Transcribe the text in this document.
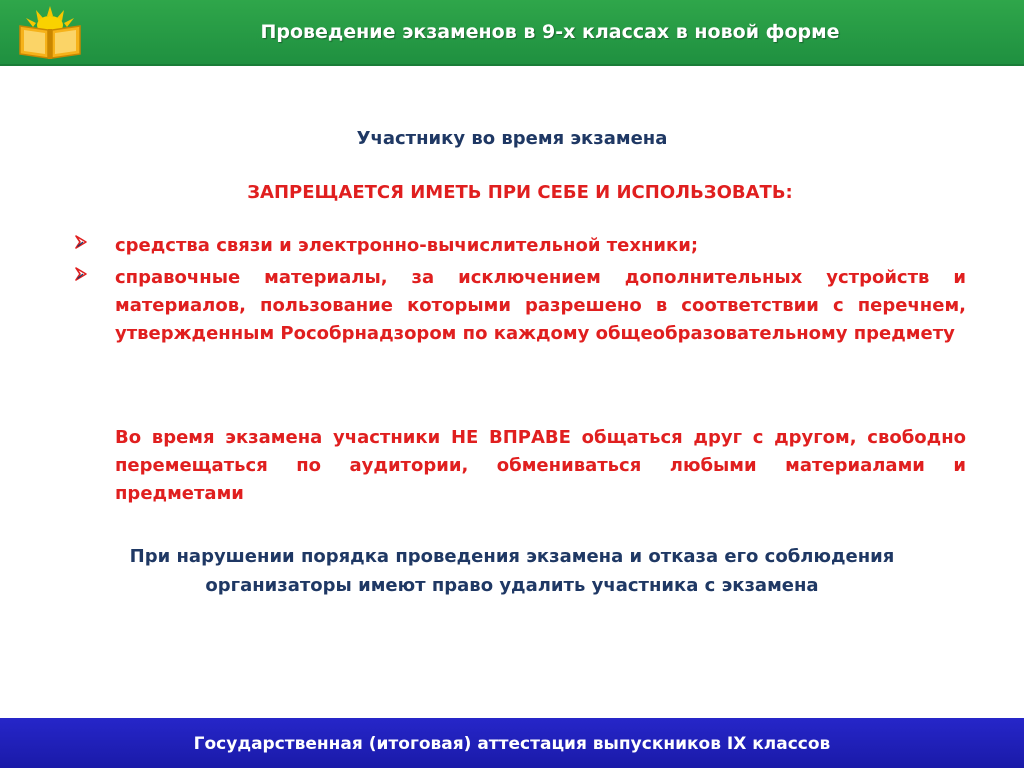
Проведение экзаменов в 9-х классах в новой форме
Участнику во время экзамена
ЗАПРЕЩАЕТСЯ ИМЕТЬ ПРИ СЕБЕ И ИСПОЛЬЗОВАТЬ:
средства связи и электронно-вычислительной техники;
справочные материалы, за исключением дополнительных устройств и материалов, пользование которыми разрешено в соответствии с перечнем, утвержденным Рособрнадзором по каждому общеобразовательному предмету
Во время экзамена участники НЕ ВПРАВЕ общаться друг с другом, свободно перемещаться по аудитории, обмениваться любыми материалами и предметами
При нарушении порядка проведения экзамена и отказа его соблюдения организаторы имеют право удалить участника с экзамена
Государственная (итоговая) аттестация выпускников IX классов
